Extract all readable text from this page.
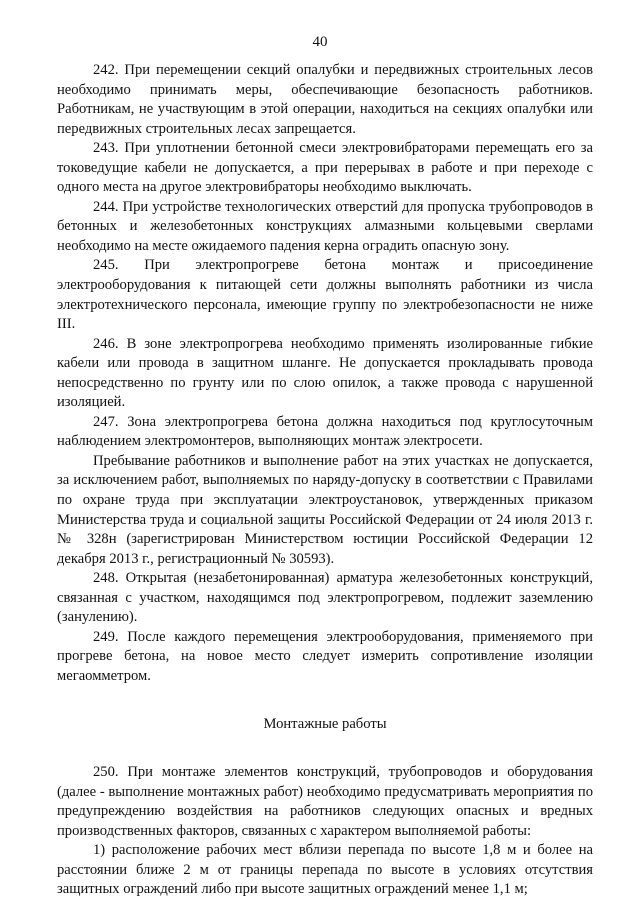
40

242. При перемещении секций опалубки и передвижных строительных лесов необходимо принимать меры, обеспечивающие безопасность работников. Работникам, не участвующим в этой операции, находиться на секциях опалубки или передвижных строительных лесах запрещается.

243. При уплотнении бетонной смеси электровибраторами перемещать его за токоведущие кабели не допускается, а при перерывах в работе и при переходе с одного места на другое электровибраторы необходимо выключать.

244. При устройстве технологических отверстий для пропуска трубопроводов в бетонных и железобетонных конструкциях алмазными кольцевыми сверлами необходимо на месте ожидаемого падения керна оградить опасную зону.

245. При электропрогреве бетона монтаж и присоединение электрооборудования к питающей сети должны выполнять работники из числа электротехнического персонала, имеющие группу по электробезопасности не ниже III.

246. В зоне электропрогрева необходимо применять изолированные гибкие кабели или провода в защитном шланге. Не допускается прокладывать провода непосредственно по грунту или по слою опилок, а также провода с нарушенной изоляцией.

247. Зона электропрогрева бетона должна находиться под круглосуточным наблюдением электромонтеров, выполняющих монтаж электросети.

Пребывание работников и выполнение работ на этих участках не допускается, за исключением работ, выполняемых по наряду-допуску в соответствии с Правилами по охране труда при эксплуатации электроустановок, утвержденных приказом Министерства труда и социальной защиты Российской Федерации от 24 июля 2013 г. № 328н (зарегистрирован Министерством юстиции Российской Федерации 12 декабря 2013 г., регистрационный № 30593).

248. Открытая (незабетонированная) арматура железобетонных конструкций, связанная с участком, находящимся под электропрогревом, подлежит заземлению (занулению).

249. После каждого перемещения электрооборудования, применяемого при прогреве бетона, на новое место следует измерить сопротивление изоляции мегаомметром.

Монтажные работы

250. При монтаже элементов конструкций, трубопроводов и оборудования (далее - выполнение монтажных работ) необходимо предусматривать мероприятия по предупреждению воздействия на работников следующих опасных и вредных производственных факторов, связанных с характером выполняемой работы:

1) расположение рабочих мест вблизи перепада по высоте 1,8 м и более на расстоянии ближе 2 м от границы перепада по высоте в условиях отсутствия защитных ограждений либо при высоте защитных ограждений менее 1,1 м;
